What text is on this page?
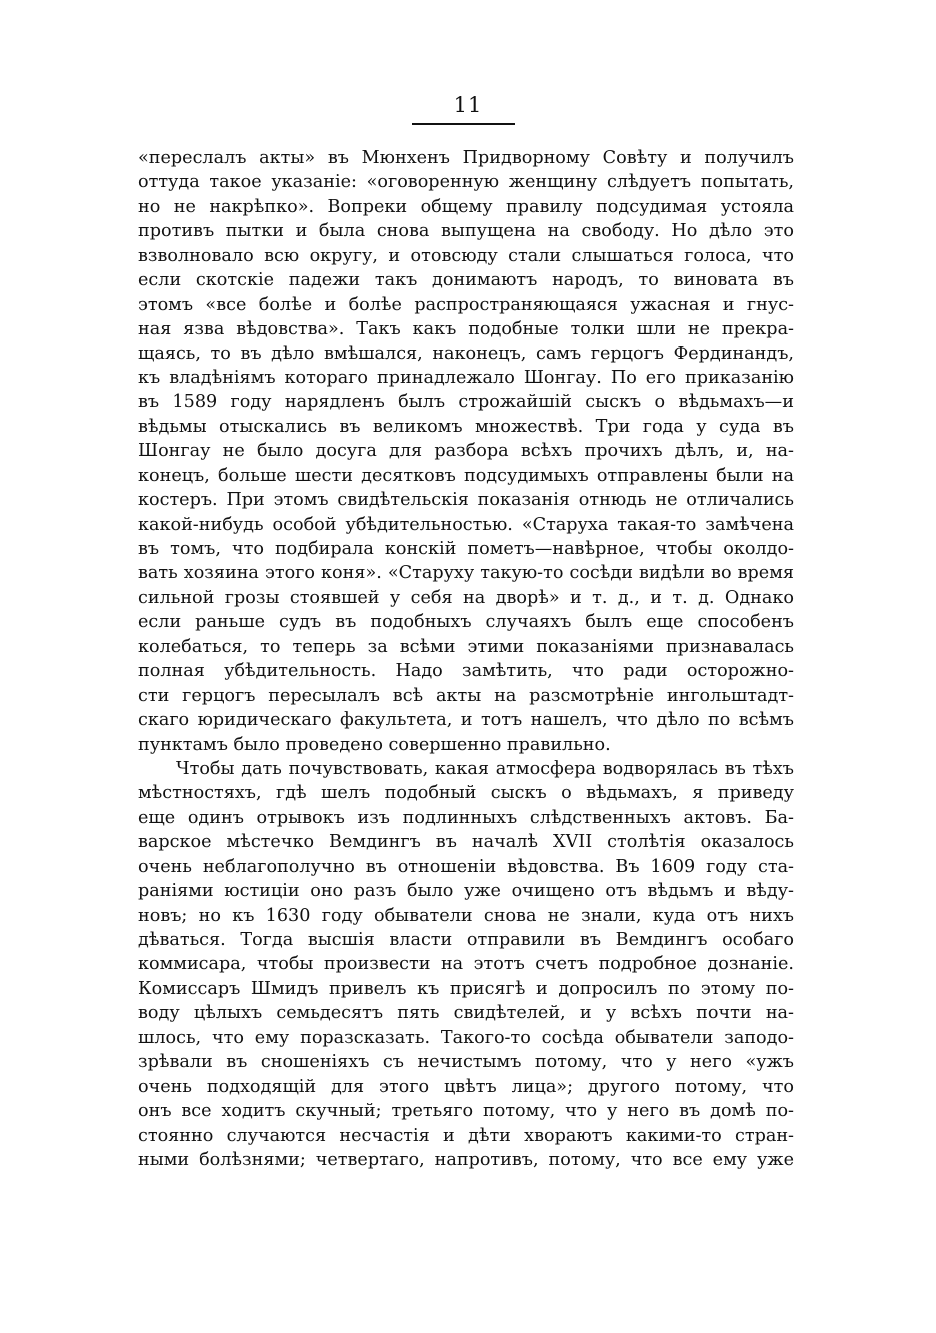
11
«переслалъ акты» въ Мюнхенъ Придворному Совѣту и получилъ
оттуда такое указаніе: «оговоренную женщину слѣдуетъ попытать,
но не накрѣпко». Вопреки общему правилу подсудимая устояла
противъ пытки и была снова выпущена на свободу. Но дѣло это
взволновало всю округу, и отовсюду стали слышаться голоса, что
если скотскіе падежи такъ донимаютъ народъ, то виновата въ
этомъ «все болѣе и болѣе распространяющаяся ужасная и гнус-
ная язва вѣдовства». Такъ какъ подобные толки шли не прекра-
щаясь, то въ дѣло вмѣшался, наконецъ, самъ герцогъ Фердинандъ,
къ владѣніямъ котораго принадлежало Шонгау. По его приказанію
въ 1589 году нарядленъ былъ строжайшій сыскъ о вѣдьмахъ—и
вѣдьмы отыскались въ великомъ множествѣ. Три года у суда въ
Шонгау не было досуга для разбора всѣхъ прочихъ дѣлъ, и, на-
конецъ, больше шести десятковъ подсудимыхъ отправлены были на
костеръ. При этомъ свидѣтельскія показанія отнюдь не отличались
какой-нибудь особой убѣдительностью. «Старуха такая-то замѣчена
въ томъ, что подбирала конскій пометъ—навѣрное, чтобы околдо-
вать хозяина этого коня». «Старуху такую-то сосѣди видѣли во время
сильной грозы стоявшей у себя на дворѣ» и т. д., и т. д. Однако
если раньше судъ въ подобныхъ случаяхъ былъ еще способенъ
колебаться, то теперь за всѣми этими показаніями признавалась
полная убѣдительность. Надо замѣтить, что ради осторожно-
сти герцогъ пересылалъ всѣ акты на разсмотрѣніе ингольштадт-
скаго юридическаго факультета, и тотъ нашелъ, что дѣло по всѣмъ
пунктамъ было проведено совершенно правильно.
Чтобы дать почувствовать, какая атмосфера водворялась въ тѣхъ
мѣстностяхъ, гдѣ шелъ подобный сыскъ о вѣдьмахъ, я приведу
еще одинъ отрывокъ изъ подлинныхъ слѣдственныхъ актовъ. Ба-
варское мѣстечко Вемдингъ въ началѣ XVII столѣтія оказалось
очень неблагополучно въ отношеніи вѣдовства. Въ 1609 году ста-
раніями юстиціи оно разъ было уже очищено отъ вѣдьмъ и вѣду-
новъ; но къ 1630 году обыватели снова не знали, куда отъ нихъ
дѣваться. Тогда высшія власти отправили въ Вемдингъ особаго
коммисара, чтобы произвести на этотъ счетъ подробное дознаніе.
Комиссаръ Шмидъ привелъ къ присягѣ и допросилъ по этому по-
воду цѣлыхъ семьдесятъ пять свидѣтелей, и у всѣхъ почти на-
шлось, что ему поразсказать. Такого-то сосѣда обыватели заподо-
зрѣвали въ сношеніяхъ съ нечистымъ потому, что у него «ужъ
очень подходящій для этого цвѣтъ лица»; другого потому, что
онъ все ходитъ скучный; третьяго потому, что у него въ домѣ по-
стоянно случаются несчастія и дѣти хвораютъ какими-то стран-
ными болѣзнями; четвертаго, напротивъ, потому, что все ему уже
